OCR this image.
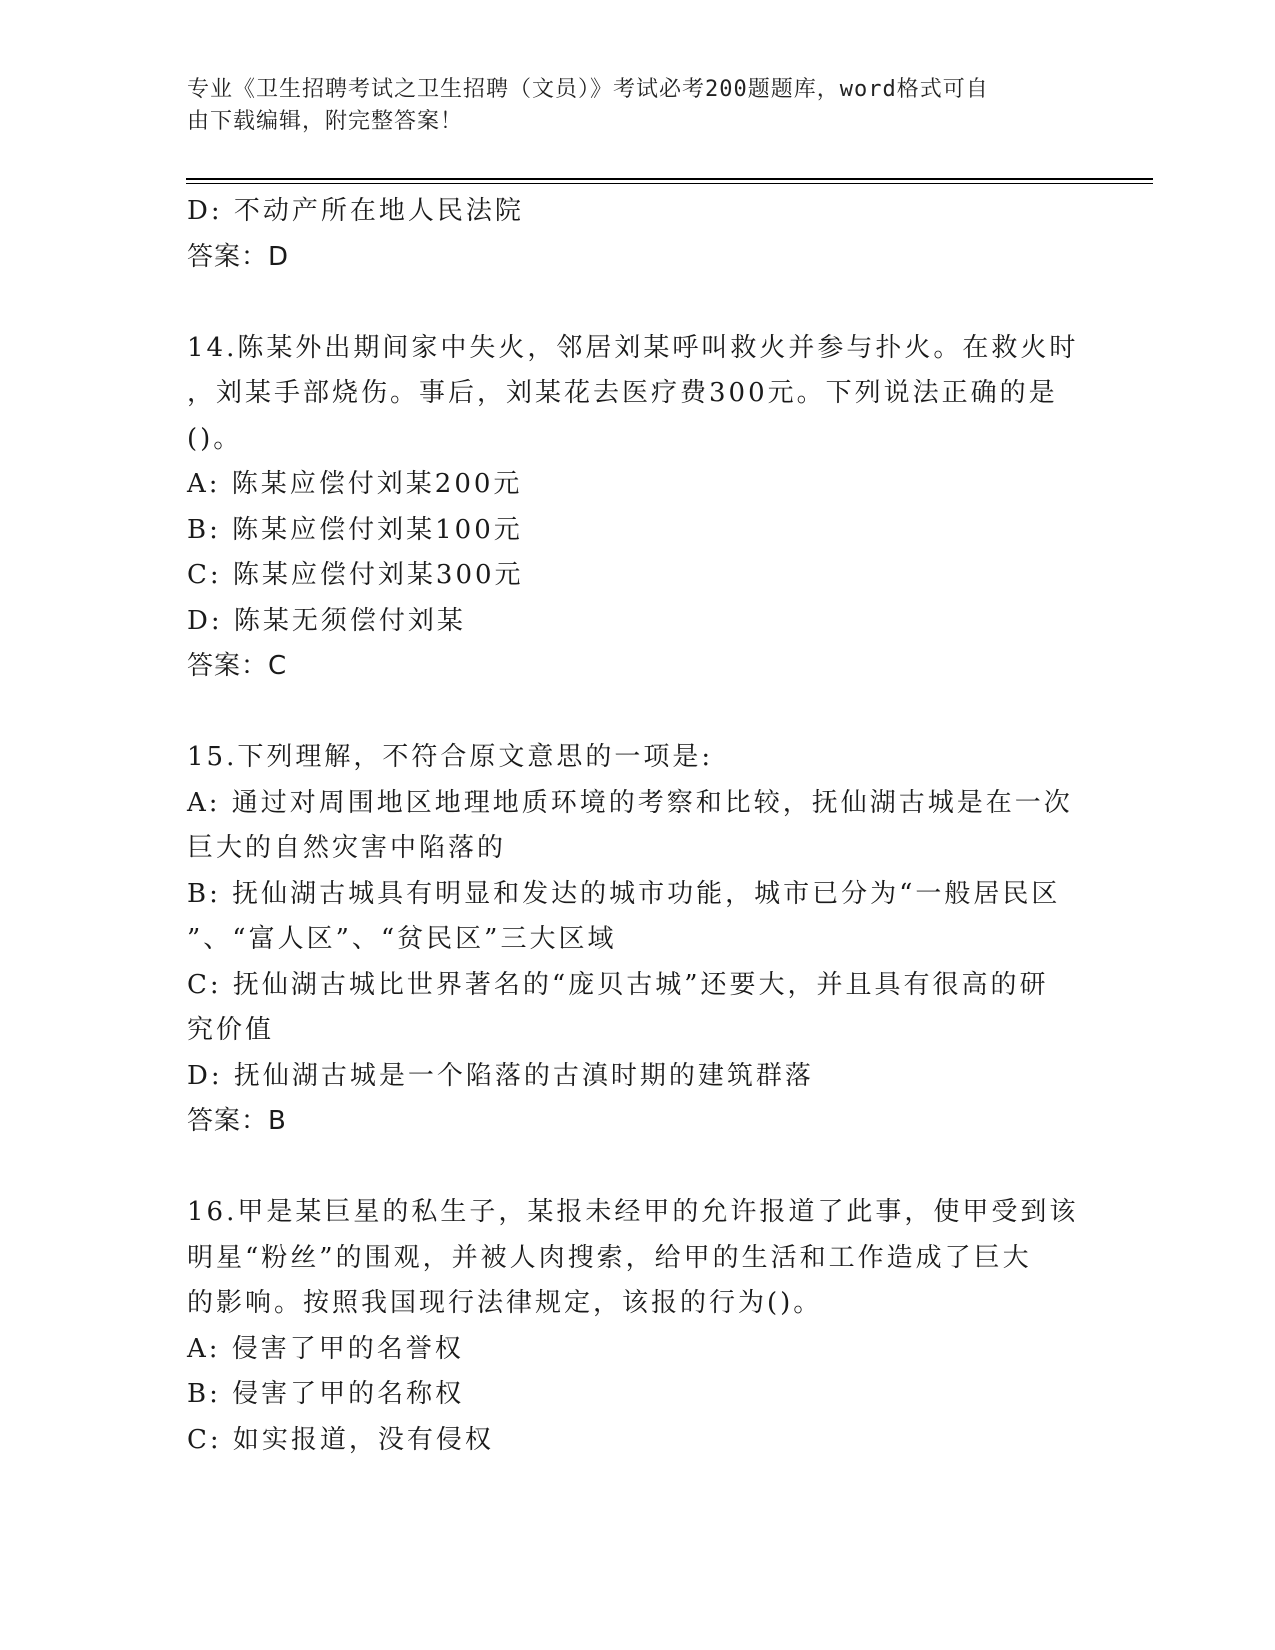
专业《卫生招聘考试之卫生招聘（文员）》考试必考200题题库，word格式可自
由下载编辑，附完整答案！
D: 不动产所在地人民法院
答案：D
14.陈某外出期间家中失火，邻居刘某呼叫救火并参与扑火。在救火时
，刘某手部烧伤。事后，刘某花去医疗费300元。下列说法正确的是
()。
A: 陈某应偿付刘某200元
B: 陈某应偿付刘某100元
C: 陈某应偿付刘某300元
D: 陈某无须偿付刘某
答案：C
15.下列理解，不符合原文意思的一项是:
A: 通过对周围地区地理地质环境的考察和比较，抚仙湖古城是在一次
巨大的自然灾害中陷落的
B: 抚仙湖古城具有明显和发达的城市功能，城市已分为“一般居民区
”、“富人区”、“贫民区”三大区域
C: 抚仙湖古城比世界著名的“庞贝古城”还要大，并且具有很高的研
究价值
D: 抚仙湖古城是一个陷落的古滇时期的建筑群落
答案：B
16.甲是某巨星的私生子，某报未经甲的允许报道了此事，使甲受到该
明星“粉丝”的围观，并被人肉搜索，给甲的生活和工作造成了巨大
的影响。按照我国现行法律规定，该报的行为()。
A: 侵害了甲的名誉权
B: 侵害了甲的名称权
C: 如实报道，没有侵权
